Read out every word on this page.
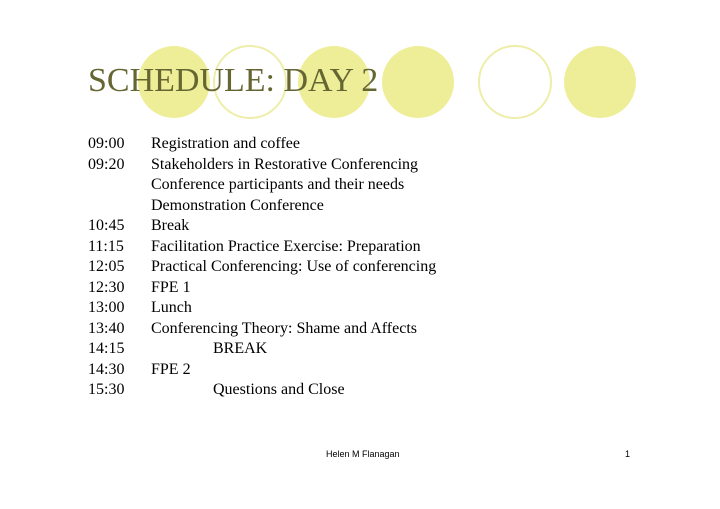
SCHEDULE: DAY 2
09:00 Registration and coffee
09:20 Stakeholders in Restorative Conferencing
Conference participants and their needs
Demonstration Conference
10:45 Break
11:15 Facilitation Practice Exercise: Preparation
12:05 Practical Conferencing: Use of conferencing
12:30 FPE 1
13:00 Lunch
13:40 Conferencing Theory: Shame and Affects
14:15	BREAK
14:30 FPE 2
15:30	Questions and Close
Helen M Flanagan	1
